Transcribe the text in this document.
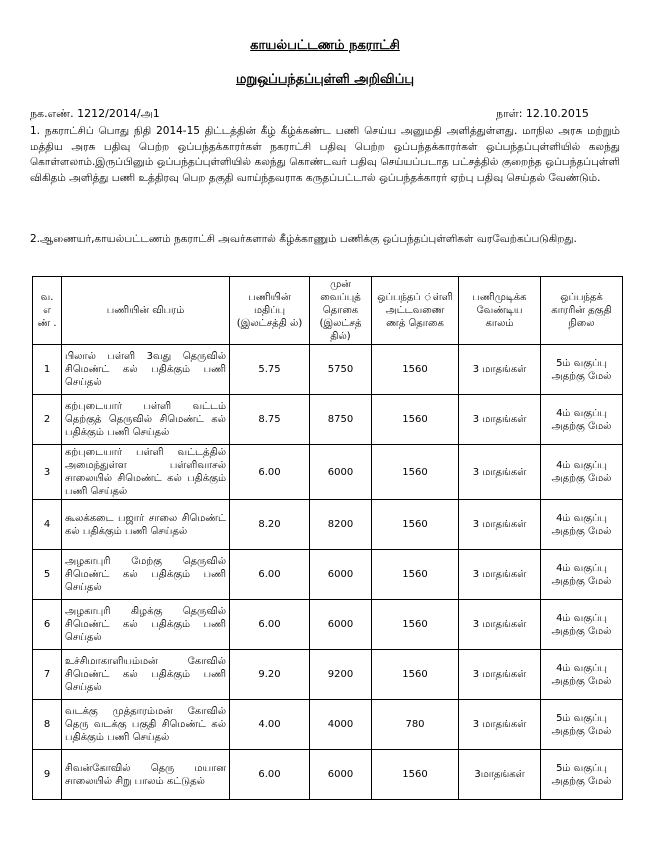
காயல்பட்டணம் நகராட்சி
மறுஒப்பந்தப்புள்ளி அறிவிப்பு
நக.எண். 1212/2014/அ1	நாள்: 12.10.2015

1. நகராட்சிப் பொது நிதி 2014-15 திட்டத்தின் கீழ் கீழ்க்கண்ட பணி செய்ய அனுமதி அளித்துள்ளது. மாநில அரசு மற்றும் மத்திய அரசு பதிவு பெற்ற ஒப்பந்தக்காரர்கள் நகராட்சி பதிவு பெற்ற ஒப்பந்தக்காரர்கள் ஒப்பந்தப்புள்ளியில் கலந்து கொள்ளலாம்.இருப்பினும் ஒப்பந்தப்புள்ளியில் கலந்து கொண்டவர் பதிவு செய்யப்படாத பட்சத்தில் குறைந்த ஒப்பந்தப்புள்ளி விகிதம் அளித்து பணி உத்திரவு பெற தகுதி வாய்ந்தவராக கருதப்பட்டால் ஒப்பந்தக்காரர் ஏற்பு பதிவு செய்தல் வேண்டும்.

2.ஆணையர்,காயல்பட்டணம் நகராட்சி அவர்களால் கீழ்க்காணும் பணிக்கு ஒப்பந்தப்புள்ளிகள் வரவேற்கப்படுகிறது.

வ. எ ண் .	பணியின் விபரம்	பணியின் மதிப்பு (இலட்சத்தி ல்)	முன் வைப்புத் தொகை (இலட்சத் தில்)	ஒப்பந்தப் ்ள்ளி அட்டவணை ணத் தொகை	பணிமுடிக்க வேண்டிய காலம்	ஒப்பந்தக் காரரின் தகுதி நிலை
1	பிலால் பள்ளி 3வது தெருவில் சிமெண்ட் கல் பதிக்கும் பணி செய்தல்	5.75	5750	1560	3 மாதங்கள்	5ம் வகுப்பு அதற்கு மேல்
2	கற்புடையார் பள்ளி வட்டம் தெற்குத் தெருவில் சிமெண்ட் கல் பதிக்கும் பணி செய்தல்	8.75	8750	1560	3 மாதங்கள்	4ம் வகுப்பு அதற்கு மேல்
3	கற்புடையார் பள்ளி வட்டத்தில் அமைந்துள்ள பள்ளிவாசல் சாலையில் சிமெண்ட் கல் பதிக்கும் பணி செய்தல்	6.00	6000	1560	3 மாதங்கள்	4ம் வகுப்பு அதற்கு மேல்
4	கூலக்கடை பஜார் சாலை சிமெண்ட் கல் பதிக்கும் பணி செய்தல்	8.20	8200	1560	3 மாதங்கள்	4ம் வகுப்பு அதற்கு மேல்
5	அழகாபுரி மேற்கு தெருவில் சிமெண்ட் கல் பதிக்கும் பணி செய்தல்	6.00	6000	1560	3 மாதங்கள்	4ம் வகுப்பு அதற்கு மேல்
6	அழகாபுரி கிழக்கு தெருவில் சிமெண்ட் கல் பதிக்கும் பணி செய்தல்	6.00	6000	1560	3 மாதங்கள்	4ம் வகுப்பு அதற்கு மேல்
7	உச்சிமாகாளியம்மன் கோவில் சிமெண்ட் கல் பதிக்கும் பணி செய்தல்	9.20	9200	1560	3 மாதங்கள்	4ம் வகுப்பு அதற்கு மேல்
8	வடக்கு முத்தாரம்மன் கோவில் தெரு வடக்கு பகுதி சிமெண்ட் கல் பதிக்கும் பணி செய்தல்	4.00	4000	780	3 மாதங்கள்	5ம் வகுப்பு அதற்கு மேல்
9	சிவன்கோவில் தெரு மயான சாலையில் சிறு பாலம் கட்டுதல்	6.00	6000	1560	3மாதங்கள்	5ம் வகுப்பு அதற்கு மேல்
